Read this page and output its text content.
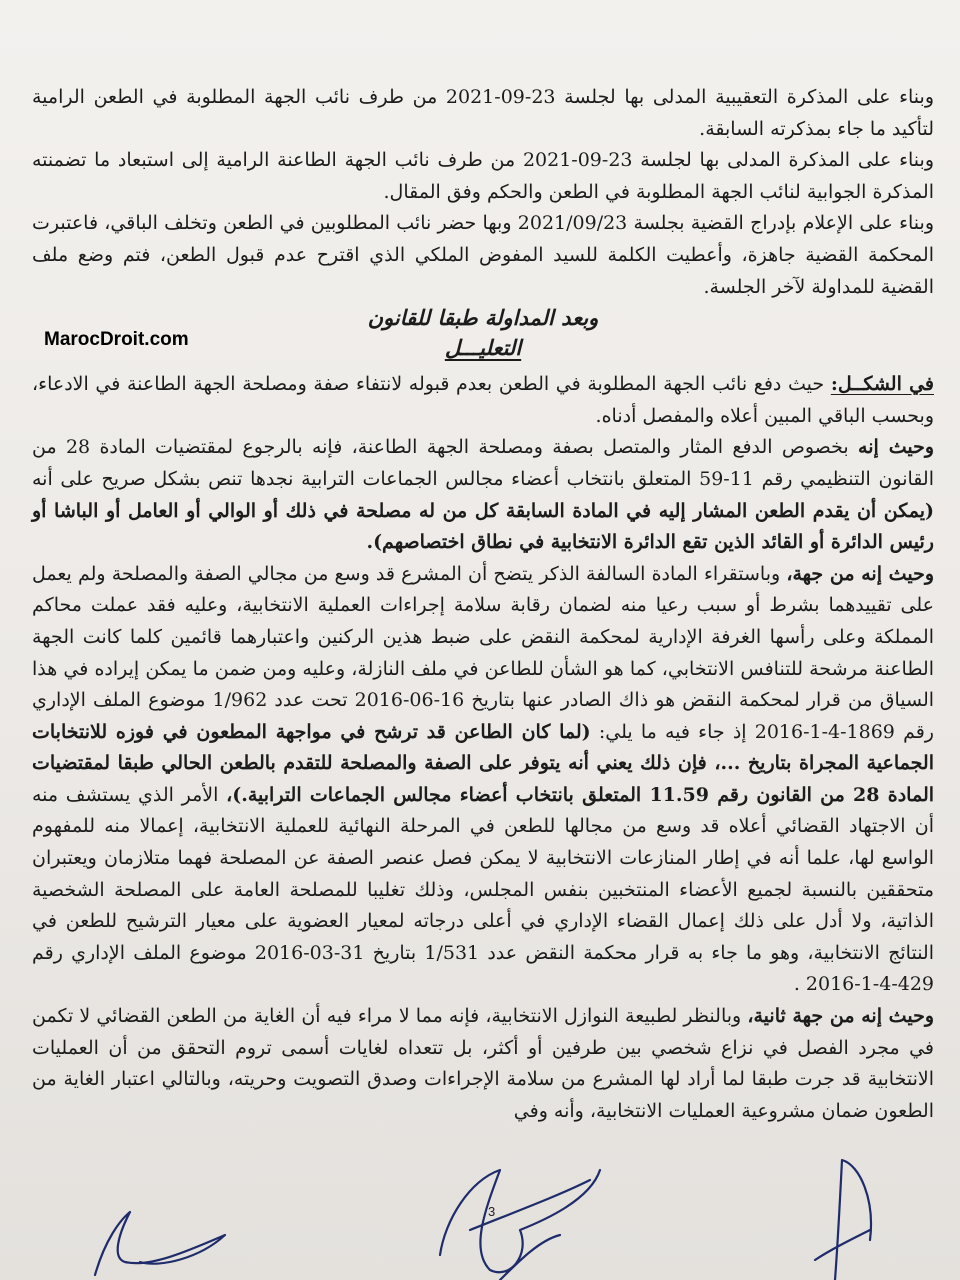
وبناء على المذكرة التعقيبية المدلى بها لجلسة 23-09-2021 من طرف نائب الجهة المطلوبة في الطعن الرامية لتأكيد ما جاء بمذكرته السابقة.

وبناء على المذكرة المدلى بها لجلسة 23-09-2021 من طرف نائب الجهة الطاعنة الرامية إلى استبعاد ما تضمنته المذكرة الجوابية لنائب الجهة المطلوبة في الطعن والحكم وفق المقال.

وبناء على الإعلام بإدراج القضية بجلسة 2021/09/23 وبها حضر نائب المطلوبين في الطعن وتخلف الباقي، فاعتبرت المحكمة القضية جاهزة، وأعطيت الكلمة للسيد المفوض الملكي الذي اقترح عدم قبول الطعن، فتم وضع ملف القضية للمداولة لآخر الجلسة.

وبعد المداولة طبقا للقانون
التعليـــل

في الشكــل: حيث دفع نائب الجهة المطلوبة في الطعن بعدم قبوله لانتفاء صفة ومصلحة الجهة الطاعنة في الادعاء، وبحسب الباقي المبين أعلاه والمفصل أدناه.

وحيث إنه بخصوص الدفع المثار والمتصل بصفة ومصلحة الجهة الطاعنة، فإنه بالرجوع لمقتضيات المادة 28 من القانون التنظيمي رقم 11-59 المتعلق بانتخاب أعضاء مجالس الجماعات الترابية نجدها تنص بشكل صريح على أنه (يمكن أن يقدم الطعن المشار إليه في المادة السابقة كل من له مصلحة في ذلك أو الوالي أو العامل أو الباشا أو رئيس الدائرة أو القائد الذين تقع الدائرة الانتخابية في نطاق اختصاصهم).

وحيث إنه من جهة، وباستقراء المادة السالفة الذكر يتضح أن المشرع قد وسع من مجالي الصفة والمصلحة ولم يعمل على تقييدهما بشرط أو سبب رعيا منه لضمان رقابة سلامة إجراءات العملية الانتخابية، وعليه فقد عملت محاكم المملكة وعلى رأسها الغرفة الإدارية لمحكمة النقض على ضبط هذين الركنين واعتبارهما قائمين كلما كانت الجهة الطاعنة مرشحة للتنافس الانتخابي، كما هو الشأن للطاعن في ملف النازلة، وعليه ومن ضمن ما يمكن إيراده في هذا السياق من قرار لمحكمة النقض هو ذاك الصادر عنها بتاريخ 16-06-2016 تحت عدد 1/962 موضوع الملف الإداري رقم 1869-4-1-2016 إذ جاء فيه ما يلي: (لما كان الطاعن قد ترشح في مواجهة المطعون في فوزه للانتخابات الجماعية المجراة بتاريخ ...، فإن ذلك يعني أنه يتوفر على الصفة والمصلحة للتقدم بالطعن الحالي طبقا لمقتضيات المادة 28 من القانون رقم 11.59 المتعلق بانتخاب أعضاء مجالس الجماعات الترابية.)، الأمر الذي يستشف منه أن الاجتهاد القضائي أعلاه قد وسع من مجالها للطعن في المرحلة النهائية للعملية الانتخابية، إعمالا منه للمفهوم الواسع لها، علما أنه في إطار المنازعات الانتخابية لا يمكن فصل عنصر الصفة عن المصلحة فهما متلازمان ويعتبران متحققين بالنسبة لجميع الأعضاء المنتخبين بنفس المجلس، وذلك تغليبا للمصلحة العامة على المصلحة الشخصية الذاتية، ولا أدل على ذلك إعمال القضاء الإداري في أعلى درجاته لمعيار العضوية على معيار الترشيح للطعن في النتائج الانتخابية، وهو ما جاء به قرار محكمة النقض عدد 1/531 بتاريخ 31-03-2016 موضوع الملف الإداري رقم 429-4-1-2016 .

وحيث إنه من جهة ثانية، وبالنظر لطبيعة النوازل الانتخابية، فإنه مما لا مراء فيه أن الغاية من الطعن القضائي لا تكمن في مجرد الفصل في نزاع شخصي بين طرفين أو أكثر، بل تتعداه لغايات أسمى تروم التحقق من أن العمليات الانتخابية قد جرت طبقا لما أراد لها المشرع من سلامة الإجراءات وصدق التصويت وحريته، وبالتالي اعتبار الغاية من الطعون ضمان مشروعية العمليات الانتخابية، وأنه وفي

MarocDroit.com
3
